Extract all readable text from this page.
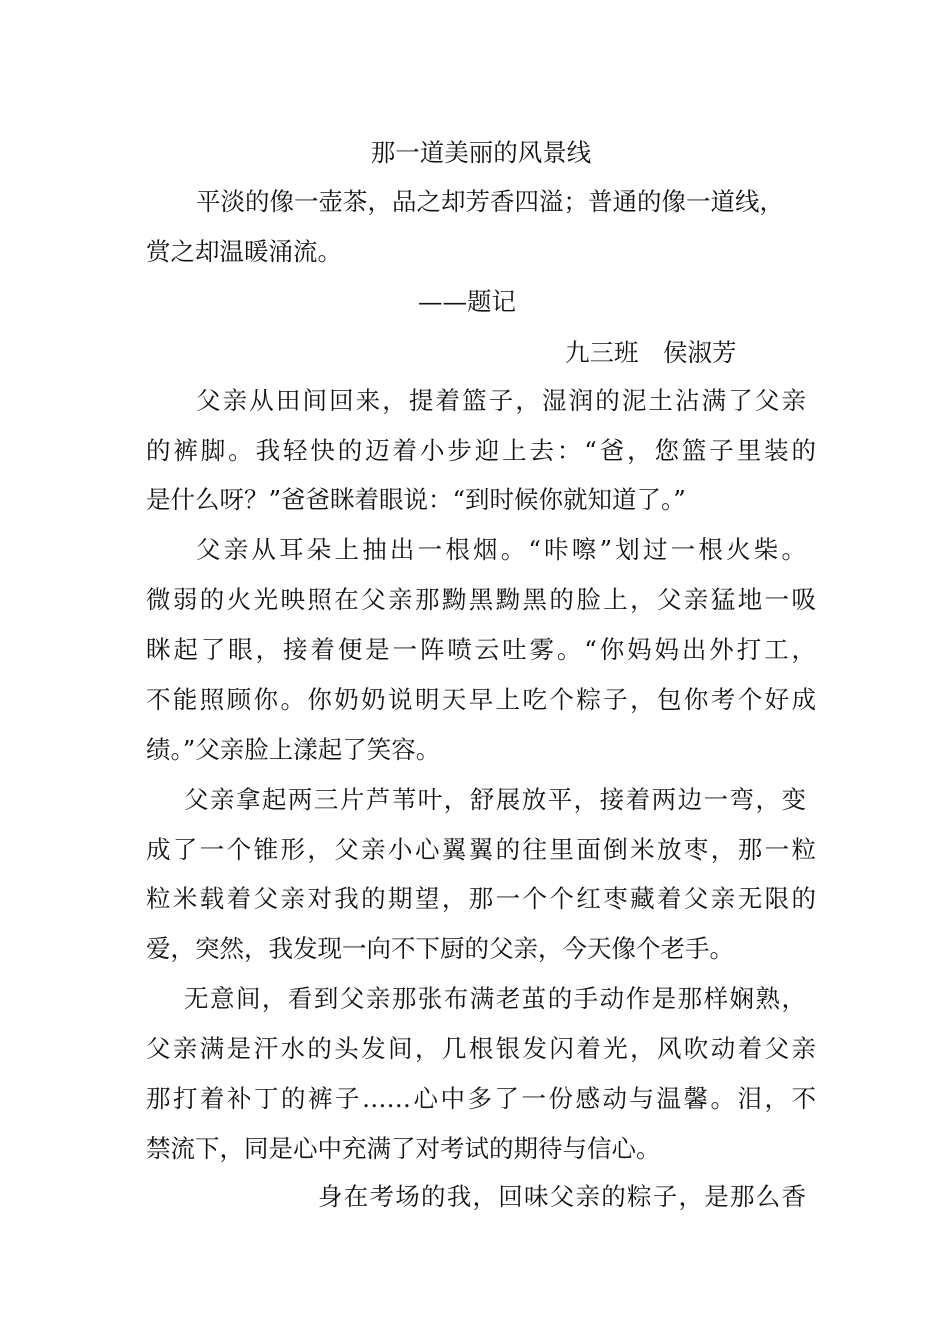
那一道美丽的风景线
平淡的像一壶茶，品之却芳香四溢；普通的像一道线，
赏之却温暖涌流。
——题记
九三班　侯淑芳
父亲从田间回来，提着篮子，湿润的泥土沾满了父亲
的裤脚。我轻快的迈着小步迎上去：“爸，您篮子里装的
是什么呀？”爸爸眯着眼说：“到时候你就知道了。”
父亲从耳朵上抽出一根烟。“咔嚓”划过一根火柴。
微弱的火光映照在父亲那黝黑黝黑的脸上，父亲猛地一吸
眯起了眼，接着便是一阵喷云吐雾。“你妈妈出外打工，
不能照顾你。你奶奶说明天早上吃个粽子，包你考个好成
绩。”父亲脸上漾起了笑容。
父亲拿起两三片芦苇叶，舒展放平，接着两边一弯，变
成了一个锥形，父亲小心翼翼的往里面倒米放枣，那一粒
粒米载着父亲对我的期望，那一个个红枣藏着父亲无限的
爱，突然，我发现一向不下厨的父亲，今天像个老手。
无意间，看到父亲那张布满老茧的手动作是那样娴熟，
父亲满是汗水的头发间，几根银发闪着光，风吹动着父亲
那打着补丁的裤子……心中多了一份感动与温馨。泪，不
禁流下，同是心中充满了对考试的期待与信心。
身在考场的我，回味父亲的粽子，是那么香
